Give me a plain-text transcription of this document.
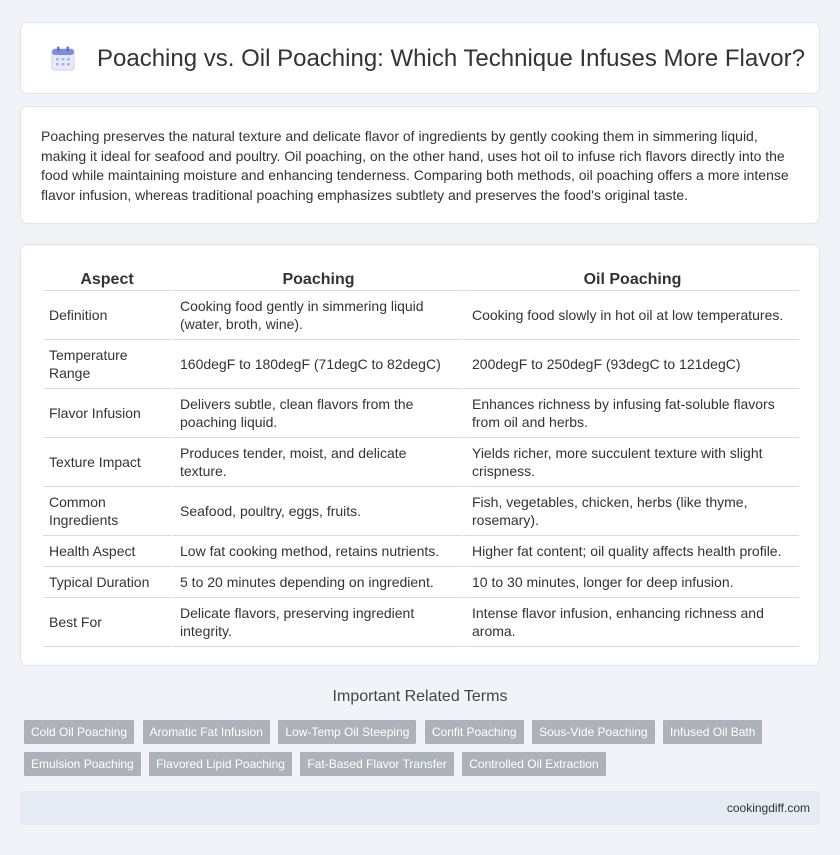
Poaching vs. Oil Poaching: Which Technique Infuses More Flavor?

Poaching preserves the natural texture and delicate flavor of ingredients by gently cooking them in simmering liquid, making it ideal for seafood and poultry. Oil poaching, on the other hand, uses hot oil to infuse rich flavors directly into the food while maintaining moisture and enhancing tenderness. Comparing both methods, oil poaching offers a more intense flavor infusion, whereas traditional poaching emphasizes subtlety and preserves the food's original taste.

Aspect	Poaching	Oil Poaching
Definition	Cooking food gently in simmering liquid (water, broth, wine).	Cooking food slowly in hot oil at low temperatures.
Temperature Range	160degF to 180degF (71degC to 82degC)	200degF to 250degF (93degC to 121degC)
Flavor Infusion	Delivers subtle, clean flavors from the poaching liquid.	Enhances richness by infusing fat-soluble flavors from oil and herbs.
Texture Impact	Produces tender, moist, and delicate texture.	Yields richer, more succulent texture with slight crispness.
Common Ingredients	Seafood, poultry, eggs, fruits.	Fish, vegetables, chicken, herbs (like thyme, rosemary).
Health Aspect	Low fat cooking method, retains nutrients.	Higher fat content; oil quality affects health profile.
Typical Duration	5 to 20 minutes depending on ingredient.	10 to 30 minutes, longer for deep infusion.
Best For	Delicate flavors, preserving ingredient integrity.	Intense flavor infusion, enhancing richness and aroma.
Important Related Terms
Cold Oil Poaching Aromatic Fat Infusion Low-Temp Oil Steeping Confit Poaching Sous-Vide Poaching Infused Oil Bath
Emulsion Poaching Flavored Lipid Poaching Fat-Based Flavor Transfer Controlled Oil Extraction
cookingdiff.com
